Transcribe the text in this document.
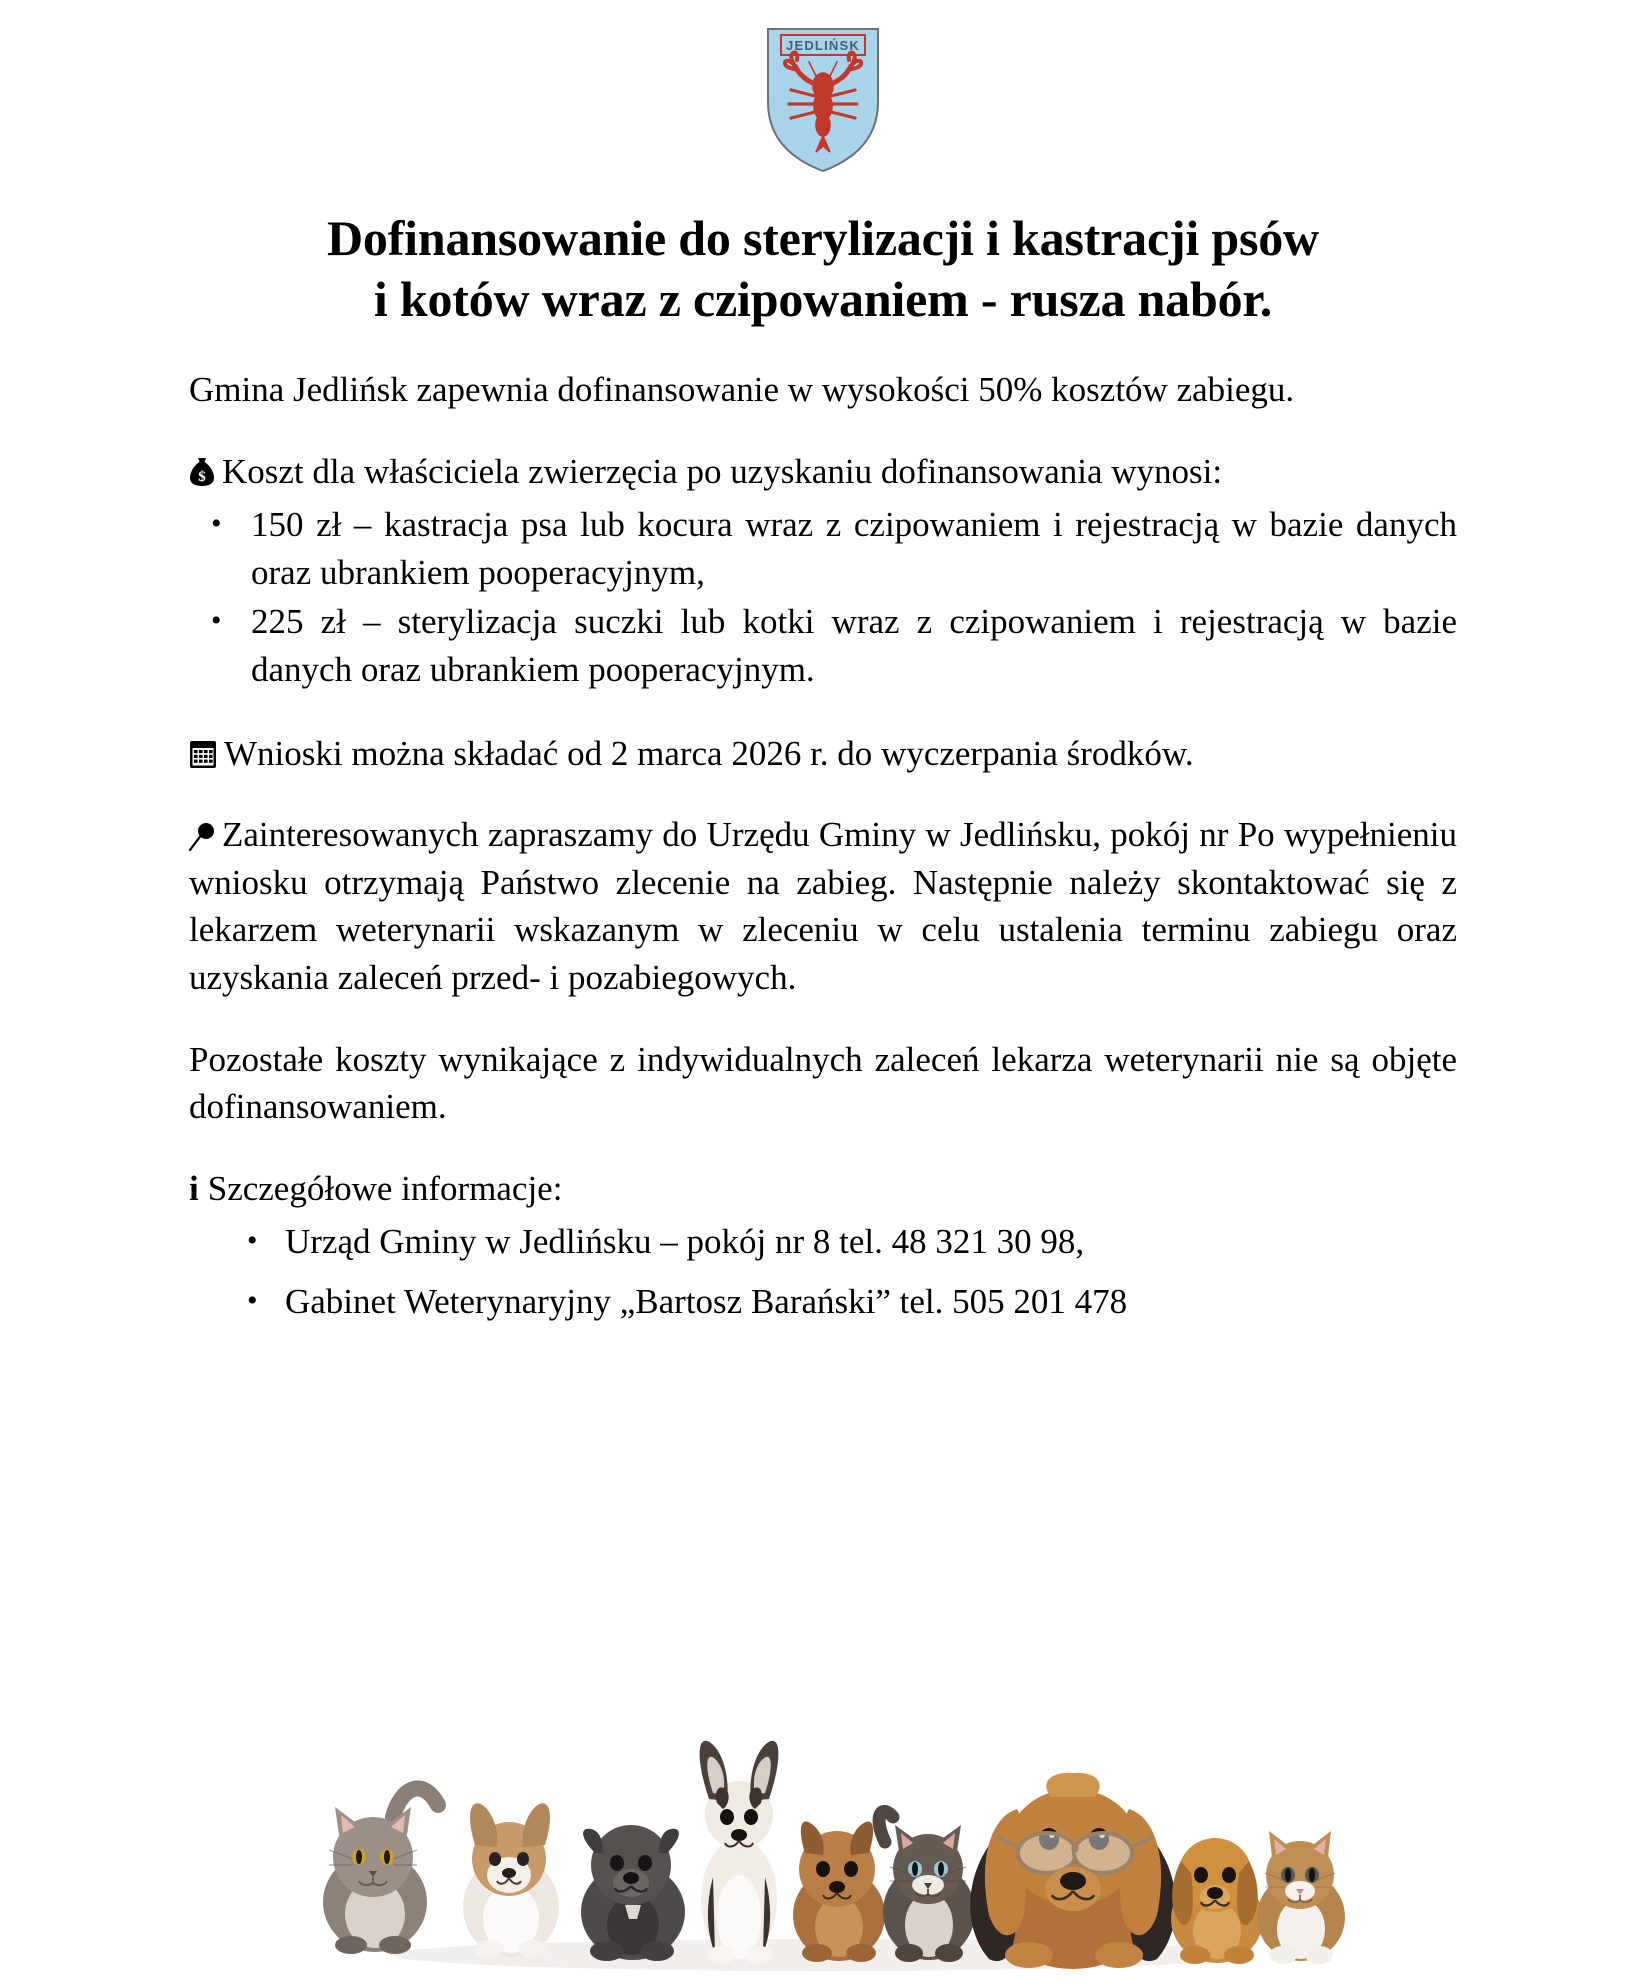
JEDLIŃSK
Dofinansowanie do sterylizacji i kastracji psów
i kotów wraz z czipowaniem - rusza nabór.

Gmina Jedlińsk zapewnia dofinansowanie w wysokości 50% kosztów zabiegu.

$ Koszt dla właściciela zwierzęcia po uzyskaniu dofinansowania wynosi:

• 150 zł – kastracja psa lub kocura wraz z czipowaniem i rejestracją w bazie danych oraz ubrankiem pooperacyjnym,
• 225 zł – sterylizacja suczki lub kotki wraz z czipowaniem i rejestracją w bazie danych oraz ubrankiem pooperacyjnym.

Wnioski można składać od 2 marca 2026 r. do wyczerpania środków.

Zainteresowanych zapraszamy do Urzędu Gminy w Jedlińsku, pokój nr Po wypełnieniu wniosku otrzymają Państwo zlecenie na zabieg. Następnie należy skontaktować się z lekarzem weterynarii wskazanym w zleceniu w celu ustalenia terminu zabiegu oraz uzyskania zaleceń przed- i pozabiegowych.

Pozostałe koszty wynikające z indywidualnych zaleceń lekarza weterynarii nie są objęte dofinansowaniem.

i Szczegółowe informacje:

• Urząd Gminy w Jedlińsku – pokój nr 8 tel. 48 321 30 98,
• Gabinet Weterynaryjny „Bartosz Barański” tel. 505 201 478
